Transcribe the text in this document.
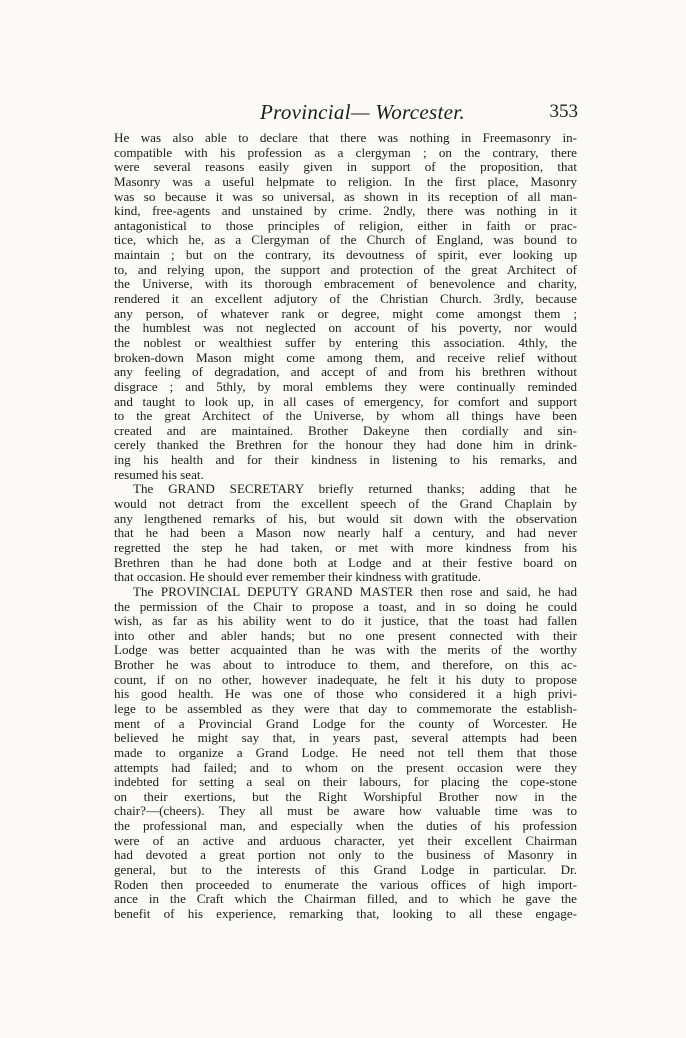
Provincial— Worcester.	353
He was also able to declare that there was nothing in Freemasonry in-
compatible with his profession as a clergyman ; on the contrary, there
were several reasons easily given in support of the proposition, that
Masonry was a useful helpmate to religion. In the first place, Masonry
was so because it was so universal, as shown in its reception of all man-
kind, free-agents and unstained by crime. 2ndly, there was nothing in it
antagonistical to those principles of religion, either in faith or prac-
tice, which he, as a Clergyman of the Church of England, was bound to
maintain ; but on the contrary, its devoutness of spirit, ever looking up
to, and relying upon, the support and protection of the great Architect of
the Universe, with its thorough embracement of benevolence and charity,
rendered it an excellent adjutory of the Christian Church. 3rdly, because
any person, of whatever rank or degree, might come amongst them ;
the humblest was not neglected on account of his poverty, nor would
the noblest or wealthiest suffer by entering this association. 4thly, the
broken-down Mason might come among them, and receive relief without
any feeling of degradation, and accept of and from his brethren without
disgrace ; and 5thly, by moral emblems they were continually reminded
and taught to look up, in all cases of emergency, for comfort and support
to the great Architect of the Universe, by whom all things have been
created and are maintained. Brother Dakeyne then cordially and sin-
cerely thanked the Brethren for the honour they had done him in drink-
ing his health and for their kindness in listening to his remarks, and
resumed his seat.
The GRAND SECRETARY briefly returned thanks; adding that he
would not detract from the excellent speech of the Grand Chaplain by
any lengthened remarks of his, but would sit down with the observation
that he had been a Mason now nearly half a century, and had never
regretted the step he had taken, or met with more kindness from his
Brethren than he had done both at Lodge and at their festive board on
that occasion. He should ever remember their kindness with gratitude.
The PROVINCIAL DEPUTY GRAND MASTER then rose and said, he had
the permission of the Chair to propose a toast, and in so doing he could
wish, as far as his ability went to do it justice, that the toast had fallen
into other and abler hands; but no one present connected with their
Lodge was better acquainted than he was with the merits of the worthy
Brother he was about to introduce to them, and therefore, on this ac-
count, if on no other, however inadequate, he felt it his duty to propose
his good health. He was one of those who considered it a high privi-
lege to be assembled as they were that day to commemorate the establish-
ment of a Provincial Grand Lodge for the county of Worcester. He
believed he might say that, in years past, several attempts had been
made to organize a Grand Lodge. He need not tell them that those
attempts had failed; and to whom on the present occasion were they
indebted for setting a seal on their labours, for placing the cope-stone
on their exertions, but the Right Worshipful Brother now in the
chair?—(cheers). They all must be aware how valuable time was to
the professional man, and especially when the duties of his profession
were of an active and arduous character, yet their excellent Chairman
had devoted a great portion not only to the business of Masonry in
general, but to the interests of this Grand Lodge in particular. Dr.
Roden then proceeded to enumerate the various offices of high import-
ance in the Craft which the Chairman filled, and to which he gave the
benefit of his experience, remarking that, looking to all these engage-
